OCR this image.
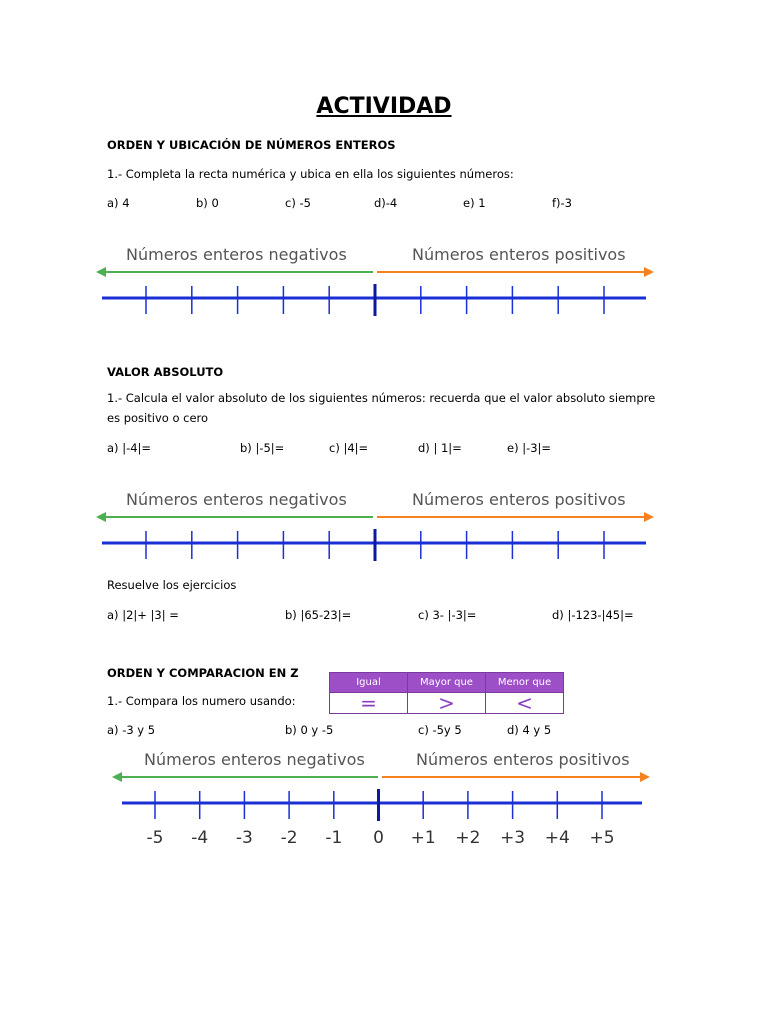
ACTIVIDAD
ORDEN Y UBICACIÓN DE NÚMEROS ENTEROS
1.- Completa la recta numérica y ubica en ella los siguientes números:
a) 4	b) 0	c) -5	d)-4	e) 1	f)-3
Números enteros negativos	Números enteros positivos
VALOR ABSOLUTO
1.- Calcula el valor absoluto de los siguientes números: recuerda que el valor absoluto siempre es positivo o cero
a) |-4|=	b) |-5|=	c) |4|=	d) | 1|=	e) |-3|=
Números enteros negativos	Números enteros positivos
Resuelve los ejercicios
a) |2|+ |3| =	b) |65-23|=	c) 3- |-3|=	d) |-123-|45|=
ORDEN Y COMPARACION EN Z
1.- Compara los numero usando:
Igual	Mayor que	Menor que
=	>	<
a) -3 y 5	b) 0 y -5	c) -5y 5	d) 4 y 5
Números enteros negativos	Números enteros positivos
-5 -4 -3 -2 -1 0 +1 +2 +3 +4 +5
